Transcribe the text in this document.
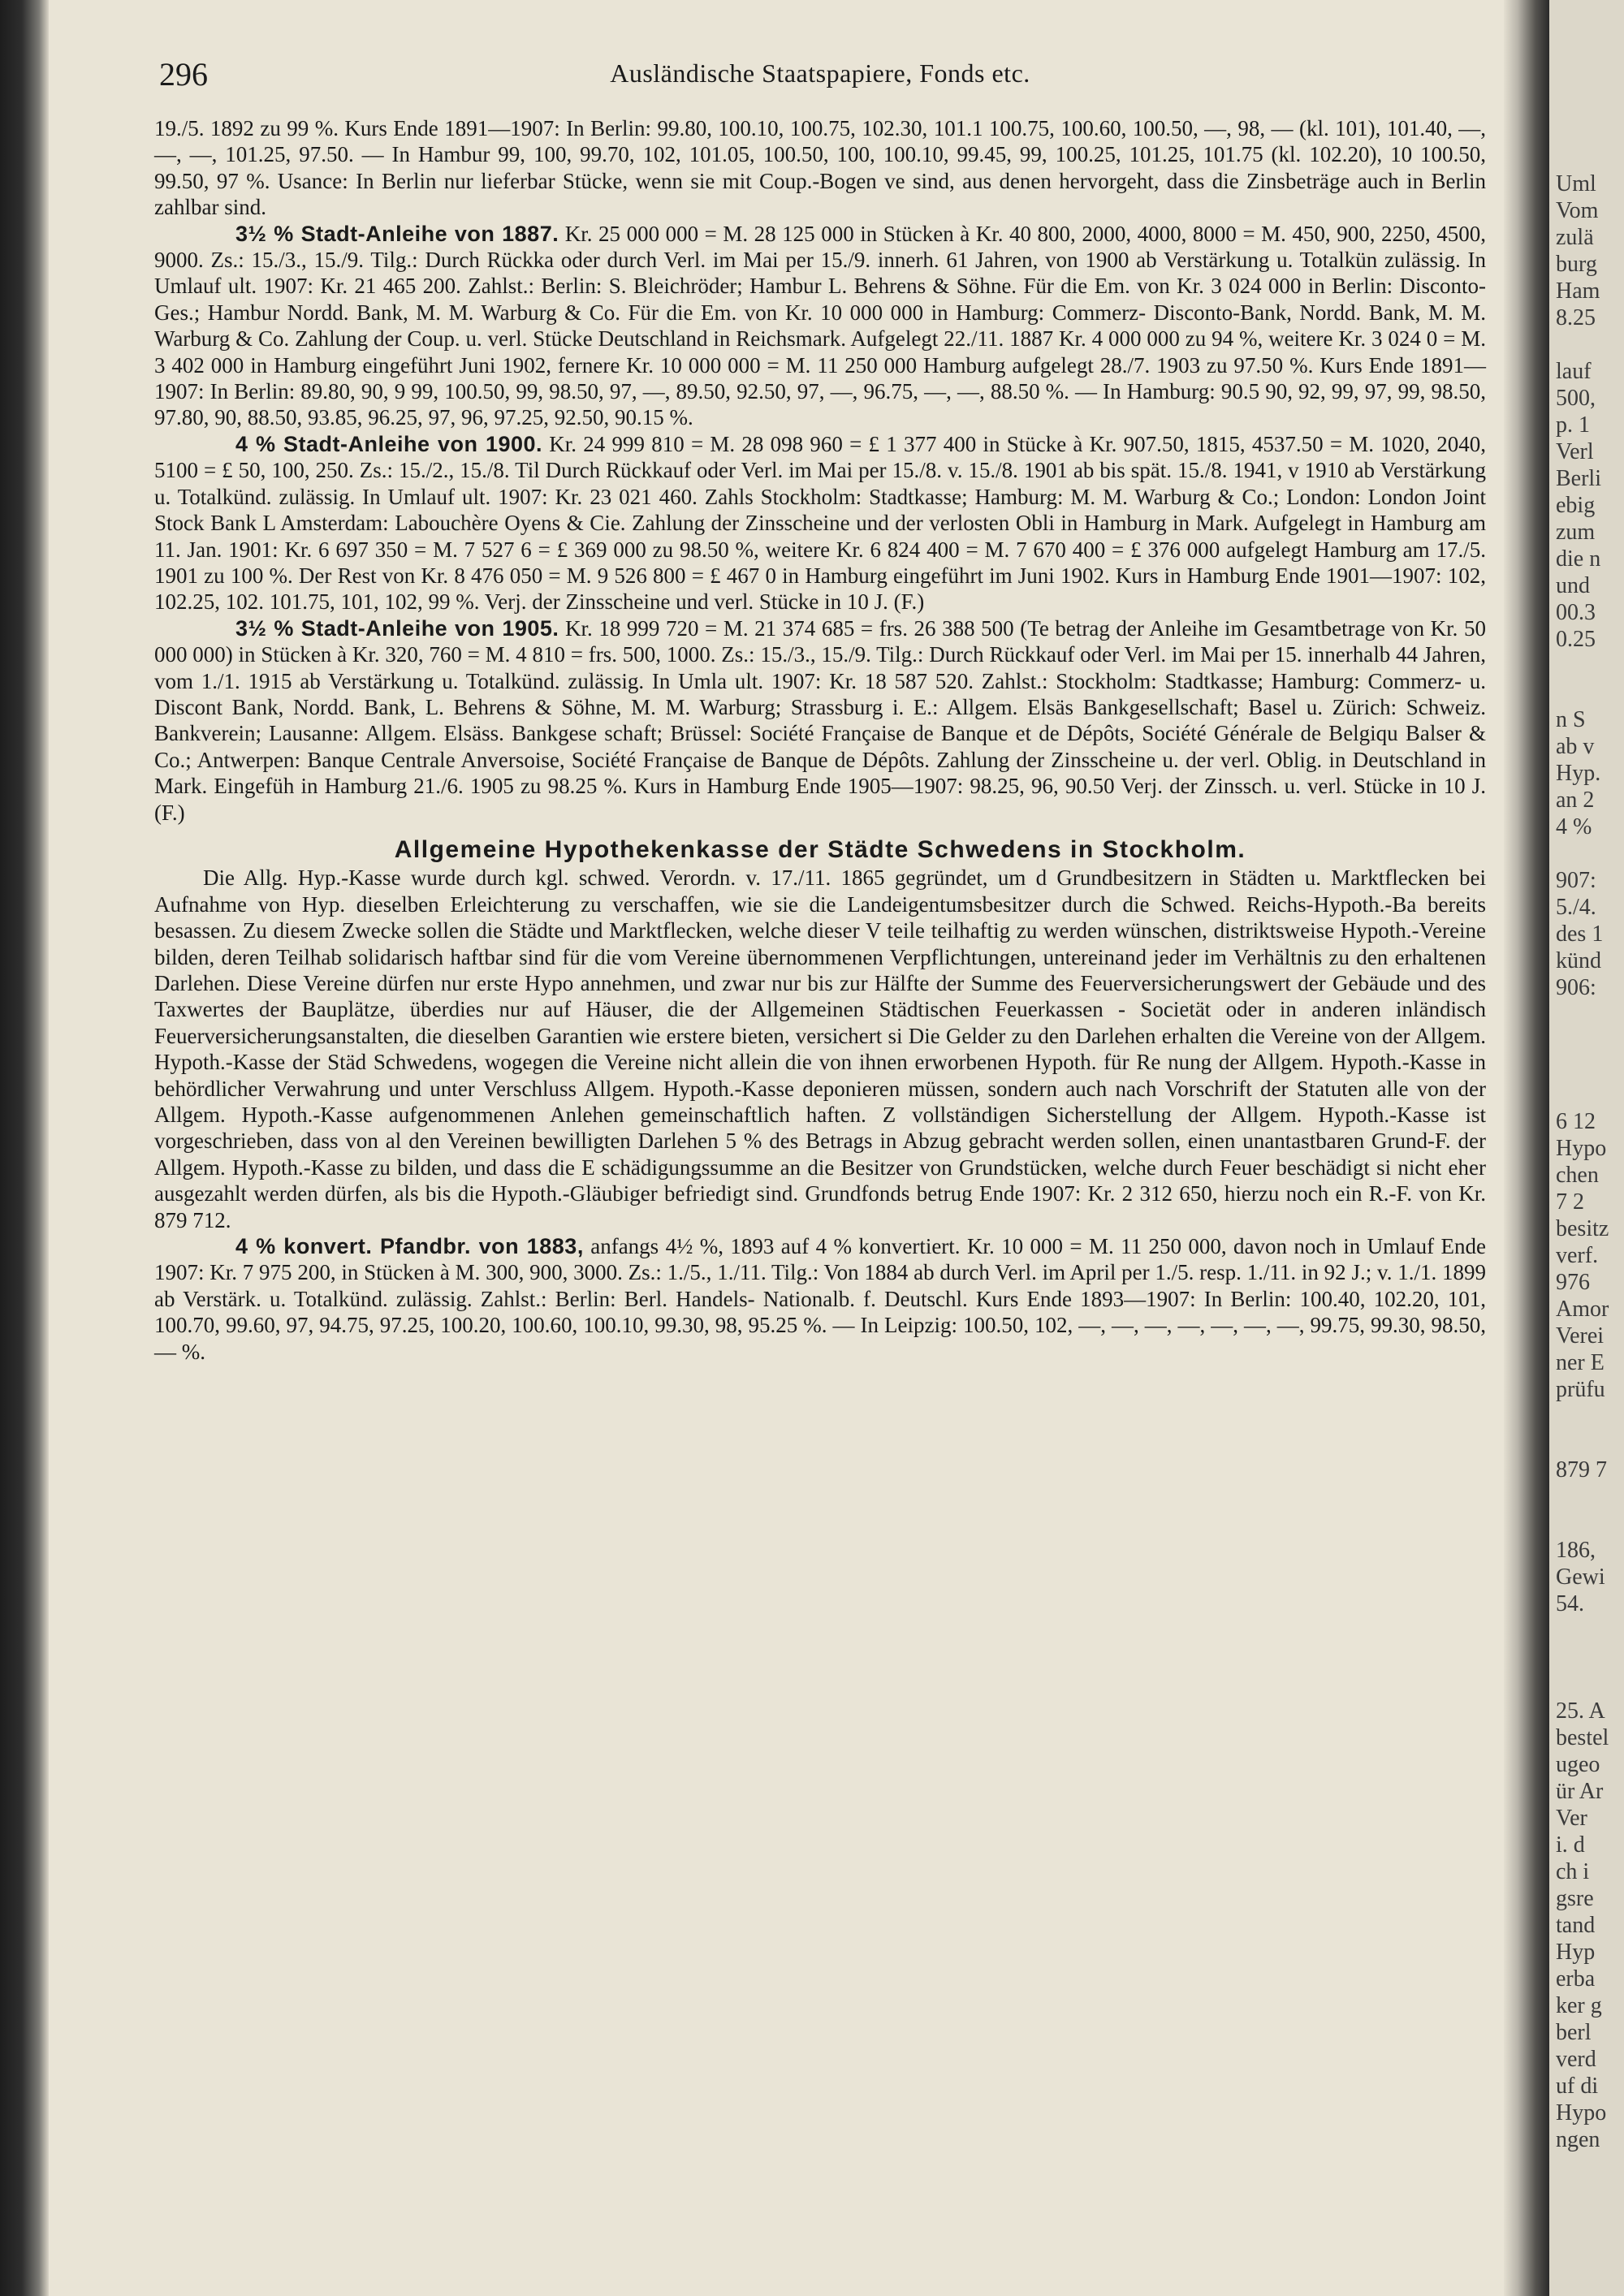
296	Ausländische Staatspapiere, Fonds etc.

19./5. 1892 zu 99 %. Kurs Ende 1891—1907: In Berlin: 99.80, 100.10, 100.75, 102.30, 101.1 100.75, 100.60, 100.50, —, 98, — (kl. 101), 101.40, —, —, —, 101.25, 97.50. — In Hambur 99, 100, 99.70, 102, 101.05, 100.50, 100, 100.10, 99.45, 99, 100.25, 101.25, 101.75 (kl. 102.20), 10 100.50, 99.50, 97 %. Usance: In Berlin nur lieferbar Stücke, wenn sie mit Coup.-Bogen ve sind, aus denen hervorgeht, dass die Zinsbeträge auch in Berlin zahlbar sind.

3½ % Stadt-Anleihe von 1887. Kr. 25 000 000 = M. 28 125 000 in Stücken à Kr. 40 800, 2000, 4000, 8000 = M. 450, 900, 2250, 4500, 9000. Zs.: 15./3., 15./9. Tilg.: Durch Rückka oder durch Verl. im Mai per 15./9. innerh. 61 Jahren, von 1900 ab Verstärkung u. Totalkün zulässig. In Umlauf ult. 1907: Kr. 21 465 200. Zahlst.: Berlin: S. Bleichröder; Hambur L. Behrens & Söhne. Für die Em. von Kr. 3 024 000 in Berlin: Disconto-Ges.; Hambur Nordd. Bank, M. M. Warburg & Co. Für die Em. von Kr. 10 000 000 in Hamburg: Commerz- Disconto-Bank, Nordd. Bank, M. M. Warburg & Co. Zahlung der Coup. u. verl. Stücke Deutschland in Reichsmark. Aufgelegt 22./11. 1887 Kr. 4 000 000 zu 94 %, weitere Kr. 3 024 0 = M. 3 402 000 in Hamburg eingeführt Juni 1902, fernere Kr. 10 000 000 = M. 11 250 000 Hamburg aufgelegt 28./7. 1903 zu 97.50 %. Kurs Ende 1891—1907: In Berlin: 89.80, 90, 9 99, 100.50, 99, 98.50, 97, —, 89.50, 92.50, 97, —, 96.75, —, —, 88.50 %. — In Hamburg: 90.5 90, 92, 99, 97, 99, 98.50, 97.80, 90, 88.50, 93.85, 96.25, 97, 96, 97.25, 92.50, 90.15 %.

4 % Stadt-Anleihe von 1900. Kr. 24 999 810 = M. 28 098 960 = £ 1 377 400 in Stücke à Kr. 907.50, 1815, 4537.50 = M. 1020, 2040, 5100 = £ 50, 100, 250. Zs.: 15./2., 15./8. Til Durch Rückkauf oder Verl. im Mai per 15./8. v. 15./8. 1901 ab bis spät. 15./8. 1941, v 1910 ab Verstärkung u. Totalkünd. zulässig. In Umlauf ult. 1907: Kr. 23 021 460. Zahls Stockholm: Stadtkasse; Hamburg: M. M. Warburg & Co.; London: London Joint Stock Bank L Amsterdam: Labouchère Oyens & Cie. Zahlung der Zinsscheine und der verlosten Obli in Hamburg in Mark. Aufgelegt in Hamburg am 11. Jan. 1901: Kr. 6 697 350 = M. 7 527 6 = £ 369 000 zu 98.50 %, weitere Kr. 6 824 400 = M. 7 670 400 = £ 376 000 aufgelegt Hamburg am 17./5. 1901 zu 100 %. Der Rest von Kr. 8 476 050 = M. 9 526 800 = £ 467 0 in Hamburg eingeführt im Juni 1902. Kurs in Hamburg Ende 1901—1907: 102, 102.25, 102. 101.75, 101, 102, 99 %. Verj. der Zinsscheine und verl. Stücke in 10 J. (F.)

3½ % Stadt-Anleihe von 1905. Kr. 18 999 720 = M. 21 374 685 = frs. 26 388 500 (Te betrag der Anleihe im Gesamtbetrage von Kr. 50 000 000) in Stücken à Kr. 320, 760 = M. 4 810 = frs. 500, 1000. Zs.: 15./3., 15./9. Tilg.: Durch Rückkauf oder Verl. im Mai per 15. innerhalb 44 Jahren, vom 1./1. 1915 ab Verstärkung u. Totalkünd. zulässig. In Umla ult. 1907: Kr. 18 587 520. Zahlst.: Stockholm: Stadtkasse; Hamburg: Commerz- u. Discont Bank, Nordd. Bank, L. Behrens & Söhne, M. M. Warburg; Strassburg i. E.: Allgem. Elsäs Bankgesellschaft; Basel u. Zürich: Schweiz. Bankverein; Lausanne: Allgem. Elsäss. Bankgese schaft; Brüssel: Société Française de Banque et de Dépôts, Société Générale de Belgiqu Balser & Co.; Antwerpen: Banque Centrale Anversoise, Société Française de Banque de Dépôts. Zahlung der Zinsscheine u. der verl. Oblig. in Deutschland in Mark. Eingefüh in Hamburg 21./6. 1905 zu 98.25 %. Kurs in Hamburg Ende 1905—1907: 98.25, 96, 90.50 Verj. der Zinssch. u. verl. Stücke in 10 J. (F.)

Allgemeine Hypothekenkasse der Städte Schwedens in Stockholm.

Die Allg. Hyp.-Kasse wurde durch kgl. schwed. Verordn. v. 17./11. 1865 gegründet, um d Grundbesitzern in Städten u. Marktflecken bei Aufnahme von Hyp. dieselben Erleichterung zu verschaffen, wie sie die Landeigentumsbesitzer durch die Schwed. Reichs-Hypoth.-Ba bereits besassen. Zu diesem Zwecke sollen die Städte und Marktflecken, welche dieser V teile teilhaftig zu werden wünschen, distriktsweise Hypoth.-Vereine bilden, deren Teilhab solidarisch haftbar sind für die vom Vereine übernommenen Verpflichtungen, untereinand jeder im Verhältnis zu den erhaltenen Darlehen. Diese Vereine dürfen nur erste Hypo annehmen, und zwar nur bis zur Hälfte der Summe des Feuerversicherungswert der Gebäude und des Taxwertes der Bauplätze, überdies nur auf Häuser, die der Allgemeinen Städtischen Feuerkassen - Societät oder in anderen inländisch Feuerversicherungsanstalten, die dieselben Garantien wie erstere bieten, versichert si Die Gelder zu den Darlehen erhalten die Vereine von der Allgem. Hypoth.-Kasse der Städ Schwedens, wogegen die Vereine nicht allein die von ihnen erworbenen Hypoth. für Re nung der Allgem. Hypoth.-Kasse in behördlicher Verwahrung und unter Verschluss Allgem. Hypoth.-Kasse deponieren müssen, sondern auch nach Vorschrift der Statuten alle von der Allgem. Hypoth.-Kasse aufgenommenen Anlehen gemeinschaftlich haften. Z vollständigen Sicherstellung der Allgem. Hypoth.-Kasse ist vorgeschrieben, dass von al den Vereinen bewilligten Darlehen 5 % des Betrags in Abzug gebracht werden sollen, einen unantastbaren Grund-F. der Allgem. Hypoth.-Kasse zu bilden, und dass die E schädigungssumme an die Besitzer von Grundstücken, welche durch Feuer beschädigt si nicht eher ausgezahlt werden dürfen, als bis die Hypoth.-Gläubiger befriedigt sind. Grundfonds betrug Ende 1907: Kr. 2 312 650, hierzu noch ein R.-F. von Kr. 879 712.

4 % konvert. Pfandbr. von 1883, anfangs 4½ %, 1893 auf 4 % konvertiert. Kr. 10 000 = M. 11 250 000, davon noch in Umlauf Ende 1907: Kr. 7 975 200, in Stücken à M. 300, 900, 3000. Zs.: 1./5., 1./11. Tilg.: Von 1884 ab durch Verl. im April per 1./5. resp. 1./11. in 92 J.; v. 1./1. 1899 ab Verstärk. u. Totalkünd. zulässig. Zahlst.: Berlin: Berl. Handels- Nationalb. f. Deutschl. Kurs Ende 1893—1907: In Berlin: 100.40, 102.20, 101, 100.70, 99.60, 97, 94.75, 97.25, 100.20, 100.60, 100.10, 99.30, 98, 95.25 %. — In Leipzig: 100.50, 102, —, —, —, —, —, —, —, 99.75, 99.30, 98.50, — %.

Uml
Vom
zulä
burg
Ham
8.25

lauf
500,
p. 1
Verl
Berli
ebig
zum
die n
und
00.3
0.25

n S
ab v
Hyp.
an 2
4 %

907:
5./4.
des 1
künd
906:

6 12
Hypo
chen
7 2
besitz
verf.
976
Amor
Verei
ner E
prüfu

879 7

186,
Gewi
54.

25. A
bestel
ugeo
ür Ar
Ver
i. d
ch i
gsre
tand
Hyp
erba
ker g
berl
verd
uf di
Hypo
ngen
